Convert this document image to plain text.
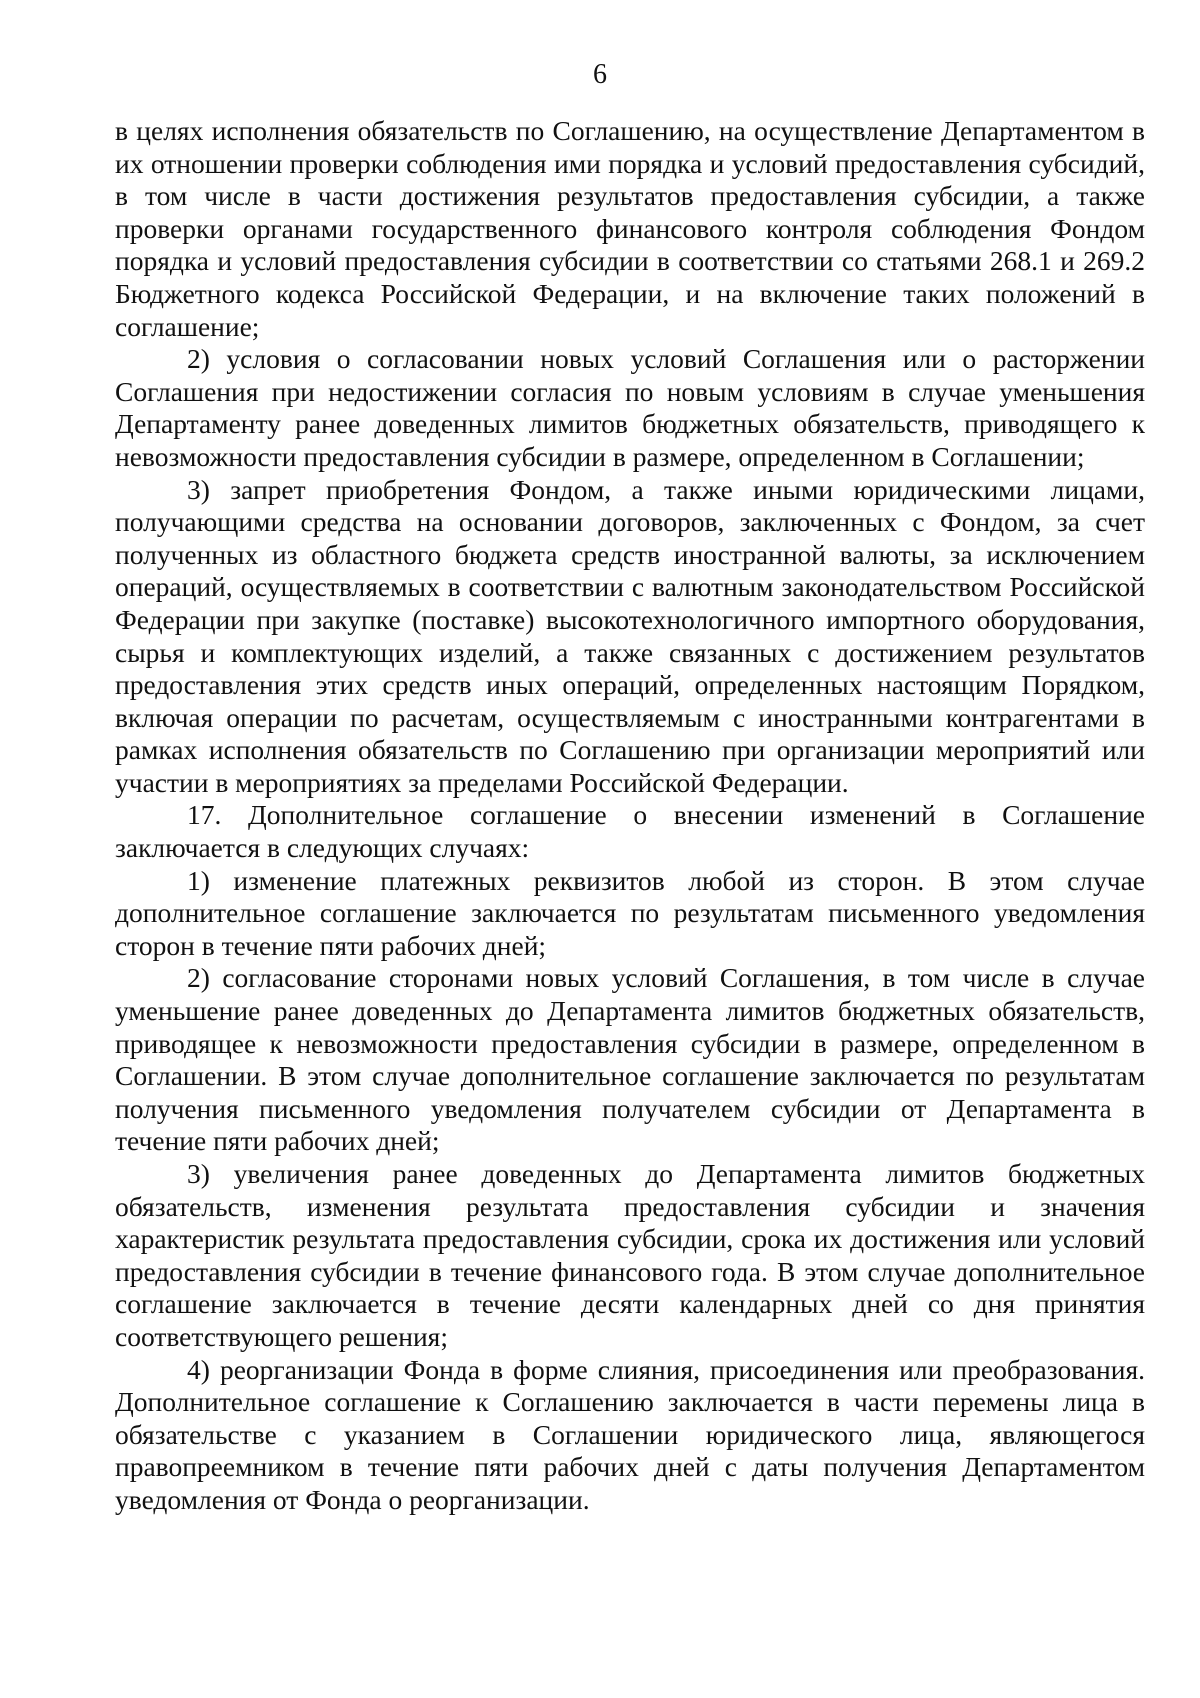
6

в целях исполнения обязательств по Соглашению, на осуществление Департаментом в их отношении проверки соблюдения ими порядка и условий предоставления субсидий, в том числе в части достижения результатов предоставления субсидии, а также проверки органами государственного финансового контроля соблюдения Фондом порядка и условий предоставления субсидии в соответствии со статьями 268.1 и 269.2 Бюджетного кодекса Российской Федерации, и на включение таких положений в соглашение;

2) условия о согласовании новых условий Соглашения или о расторжении Соглашения при недостижении согласия по новым условиям в случае уменьшения Департаменту ранее доведенных лимитов бюджетных обязательств, приводящего к невозможности предоставления субсидии в размере, определенном в Соглашении;

3) запрет приобретения Фондом, а также иными юридическими лицами, получающими средства на основании договоров, заключенных с Фондом, за счет полученных из областного бюджета средств иностранной валюты, за исключением операций, осуществляемых в соответствии с валютным законодательством Российской Федерации при закупке (поставке) высокотехнологичного импортного оборудования, сырья и комплектующих изделий, а также связанных с достижением результатов предоставления этих средств иных операций, определенных настоящим Порядком, включая операции по расчетам, осуществляемым с иностранными контрагентами в рамках исполнения обязательств по Соглашению при организации мероприятий или участии в мероприятиях за пределами Российской Федерации.

17. Дополнительное соглашение о внесении изменений в Соглашение заключается в следующих случаях:

1) изменение платежных реквизитов любой из сторон. В этом случае дополнительное соглашение заключается по результатам письменного уведомления сторон в течение пяти рабочих дней;

2) согласование сторонами новых условий Соглашения, в том числе в случае уменьшение ранее доведенных до Департамента лимитов бюджетных обязательств, приводящее к невозможности предоставления субсидии в размере, определенном в Соглашении. В этом случае дополнительное соглашение заключается по результатам получения письменного уведомления получателем субсидии от Департамента в течение пяти рабочих дней;

3) увеличения ранее доведенных до Департамента лимитов бюджетных обязательств, изменения результата предоставления субсидии и значения характеристик результата предоставления субсидии, срока их достижения или условий предоставления субсидии в течение финансового года. В этом случае дополнительное соглашение заключается в течение десяти календарных дней со дня принятия соответствующего решения;

4) реорганизации Фонда в форме слияния, присоединения или преобразования. Дополнительное соглашение к Соглашению заключается в части перемены лица в обязательстве с указанием в Соглашении юридического лица, являющегося правопреемником в течение пяти рабочих дней с даты получения Департаментом уведомления от Фонда о реорганизации.
